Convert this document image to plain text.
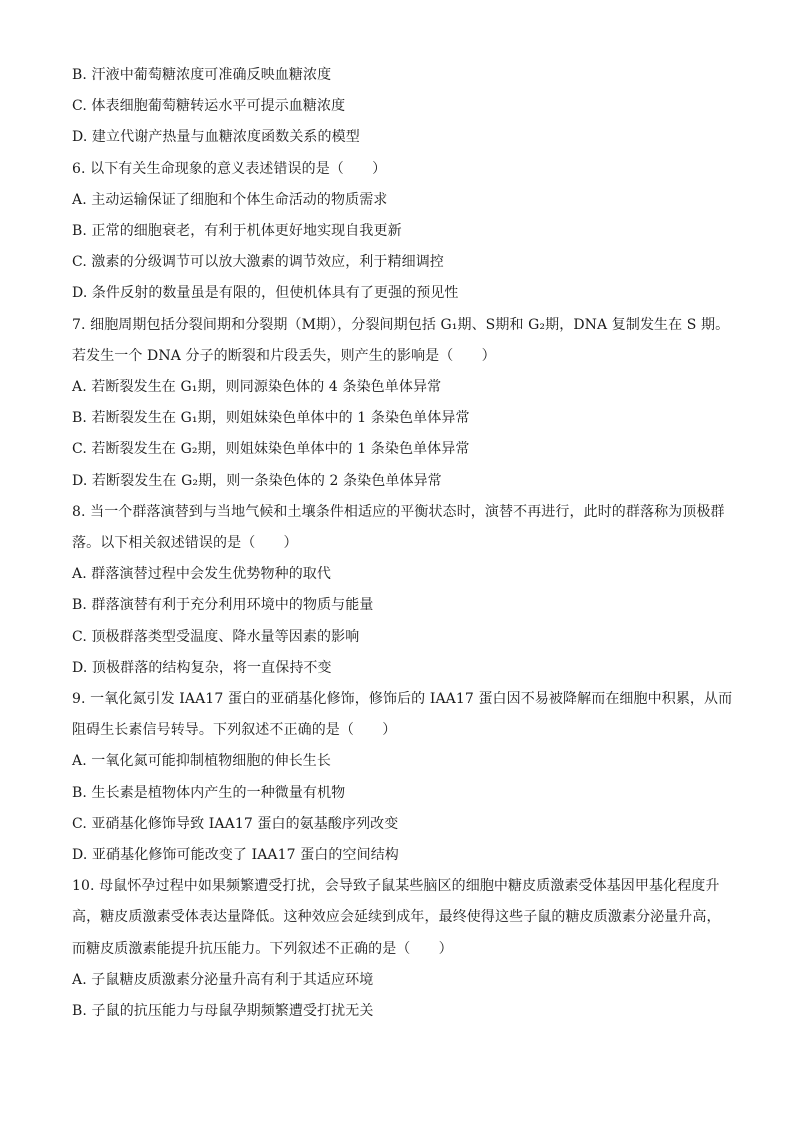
B. 汗液中葡萄糖浓度可准确反映血糖浓度
C. 体表细胞葡萄糖转运水平可提示血糖浓度
D. 建立代谢产热量与血糖浓度函数关系的模型
6. 以下有关生命现象的意义表述错误的是（　　）
A. 主动运输保证了细胞和个体生命活动的物质需求
B. 正常的细胞衰老，有利于机体更好地实现自我更新
C. 激素的分级调节可以放大激素的调节效应，利于精细调控
D. 条件反射的数量虽是有限的，但使机体具有了更强的预见性
7. 细胞周期包括分裂间期和分裂期（M期），分裂间期包括 G₁期、S期和 G₂期，DNA 复制发生在 S 期。
若发生一个 DNA 分子的断裂和片段丢失，则产生的影响是（　　）
A. 若断裂发生在 G₁期，则同源染色体的 4 条染色单体异常
B. 若断裂发生在 G₁期，则姐妹染色单体中的 1 条染色单体异常
C. 若断裂发生在 G₂期，则姐妹染色单体中的 1 条染色单体异常
D. 若断裂发生在 G₂期，则一条染色体的 2 条染色单体异常
8. 当一个群落演替到与当地气候和土壤条件相适应的平衡状态时，演替不再进行，此时的群落称为顶极群
落。以下相关叙述错误的是（　　）
A. 群落演替过程中会发生优势物种的取代
B. 群落演替有利于充分利用环境中的物质与能量
C. 顶极群落类型受温度、降水量等因素的影响
D. 顶极群落的结构复杂，将一直保持不变
9. 一氧化氮引发 IAA17 蛋白的亚硝基化修饰，修饰后的 IAA17 蛋白因不易被降解而在细胞中积累，从而
阻碍生长素信号转导。下列叙述不正确的是（　　）
A. 一氧化氮可能抑制植物细胞的伸长生长
B. 生长素是植物体内产生的一种微量有机物
C. 亚硝基化修饰导致 IAA17 蛋白的氨基酸序列改变
D. 亚硝基化修饰可能改变了 IAA17 蛋白的空间结构
10. 母鼠怀孕过程中如果频繁遭受打扰，会导致子鼠某些脑区的细胞中糖皮质激素受体基因甲基化程度升
高，糖皮质激素受体表达量降低。这种效应会延续到成年，最终使得这些子鼠的糖皮质激素分泌量升高，
而糖皮质激素能提升抗压能力。下列叙述不正确的是（　　）
A. 子鼠糖皮质激素分泌量升高有利于其适应环境
B. 子鼠的抗压能力与母鼠孕期频繁遭受打扰无关
